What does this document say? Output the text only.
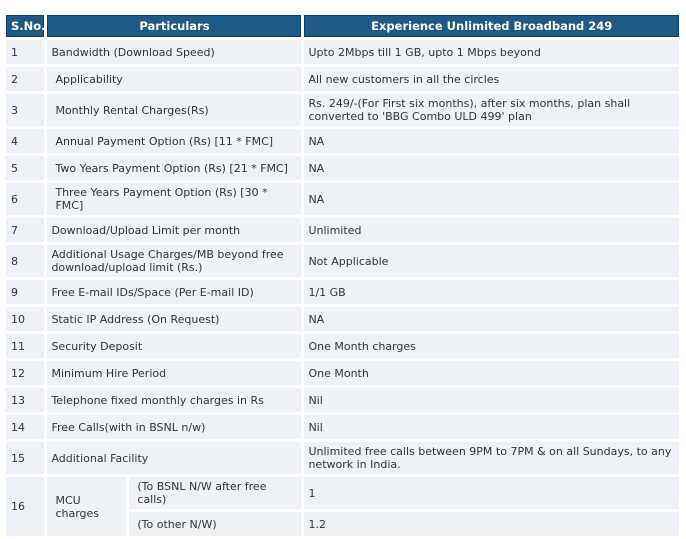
S.No.	Particulars		Experience Unlimited Broadband 249
1	Bandwidth (Download Speed)		Upto 2Mbps till 1 GB, upto 1 Mbps beyond
2	Applicability		All new customers in all the circles
3	Monthly Rental Charges(Rs)		Rs. 249/-(For First six months), after six months, plan shall converted to 'BBG Combo ULD 499' plan
4	Annual Payment Option (Rs) [11 * FMC]		NA
5	Two Years Payment Option (Rs) [21 * FMC]		NA
6	Three Years Payment Option (Rs) [30 * FMC]		NA
7	Download/Upload Limit per month		Unlimited
8	Additional Usage Charges/MB beyond free download/upload limit (Rs.)		Not Applicable
9	Free E-mail IDs/Space (Per E-mail ID)		1/1 GB
10	Static IP Address (On Request)		NA
11	Security Deposit		One Month charges
12	Minimum Hire Period		One Month
13	Telephone fixed monthly charges in Rs		Nil
14	Free Calls(with in BSNL n/w)		Nil
15	Additional Facility		Unlimited free calls between 9PM to 7PM & on all Sundays, to any network in India.
16	MCU charges	(To BSNL N/W after free calls)	1
		(To other N/W)	1.2
